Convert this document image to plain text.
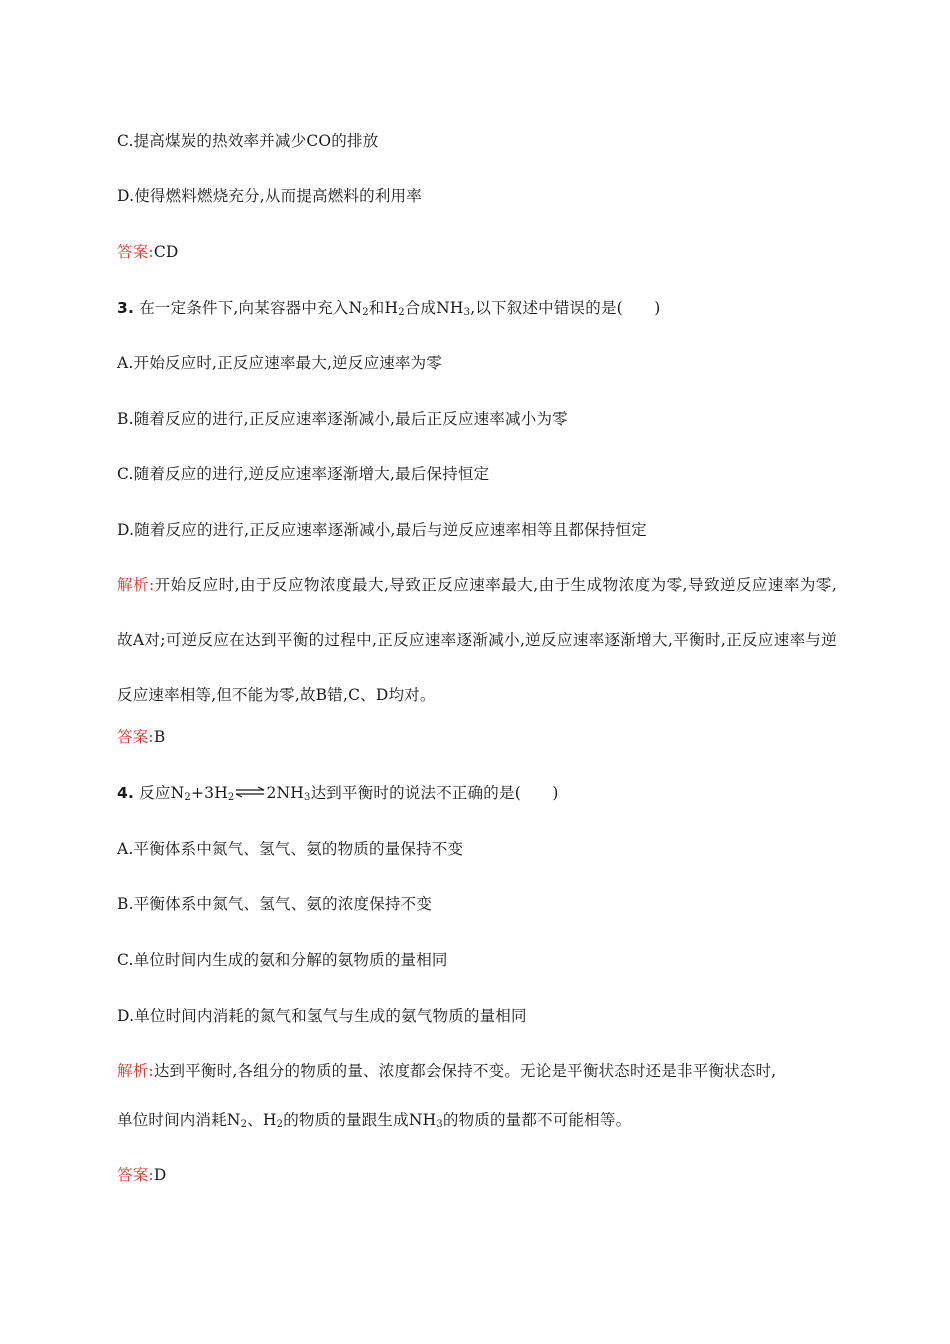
C.提高煤炭的热效率并减少CO的排放
D.使得燃料燃烧充分,从而提高燃料的利用率
答案:CD
3. 在一定条件下,向某容器中充入$N_2$和$H_2$合成$NH_3$,以下叙述中错误的是(　　)
A.开始反应时,正反应速率最大,逆反应速率为零
B.随着反应的进行,正反应速率逐渐减小,最后正反应速率减小为零
C.随着反应的进行,逆反应速率逐渐增大,最后保持恒定
D.随着反应的进行,正反应速率逐渐减小,最后与逆反应速率相等且都保持恒定
解析:开始反应时,由于反应物浓度最大,导致正反应速率最大,由于生成物浓度为零,导致逆反应速率为零,故A对;可逆反应在达到平衡的过程中,正反应速率逐渐减小,逆反应速率逐渐增大,平衡时,正反应速率与逆反应速率相等,但不能为零,故B错,C、D均对。
答案:B
4. 反应$N_2+3H_2\rightleftharpoons 2NH_3$达到平衡时的说法不正确的是(　　)
A.平衡体系中氮气、氢气、氨的物质的量保持不变
B.平衡体系中氮气、氢气、氨的浓度保持不变
C.单位时间内生成的氨和分解的氨物质的量相同
D.单位时间内消耗的氮气和氢气与生成的氨气物质的量相同
解析:达到平衡时,各组分的物质的量、浓度都会保持不变。无论是平衡状态时还是非平衡状态时,
单位时间内消耗$N_2$、$H_2$的物质的量跟生成$NH_3$的物质的量都不可能相等。
答案:D
